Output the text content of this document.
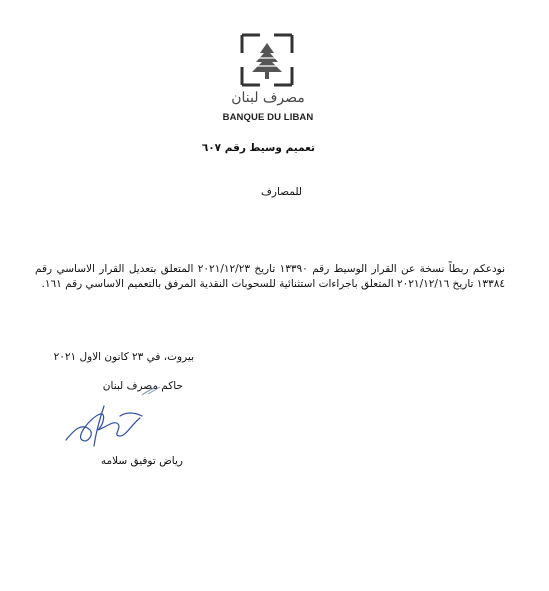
مصرف لبنان
BANQUE DU LIBAN
تعميم وسيط رقم ٦٠٧
للمصارف

نودعكم ربطاً نسخة عن القرار الوسيط رقم ١٣٣٩٠ تاريخ ٢٠٢١/١٢/٢٣ المتعلق بتعديل القرار الاساسي رقم ١٣٣٨٤ تاريخ ٢٠٢١/١٢/١٦ المتعلق باجراءات استثنائية للسحوبات النقدية المرفق بالتعميم الاساسي رقم ١٦١.

بيروت، في ٢٣ كانون الاول ٢٠٢١
حاكم مصرف لبنان
رياض توفيق سلامه
